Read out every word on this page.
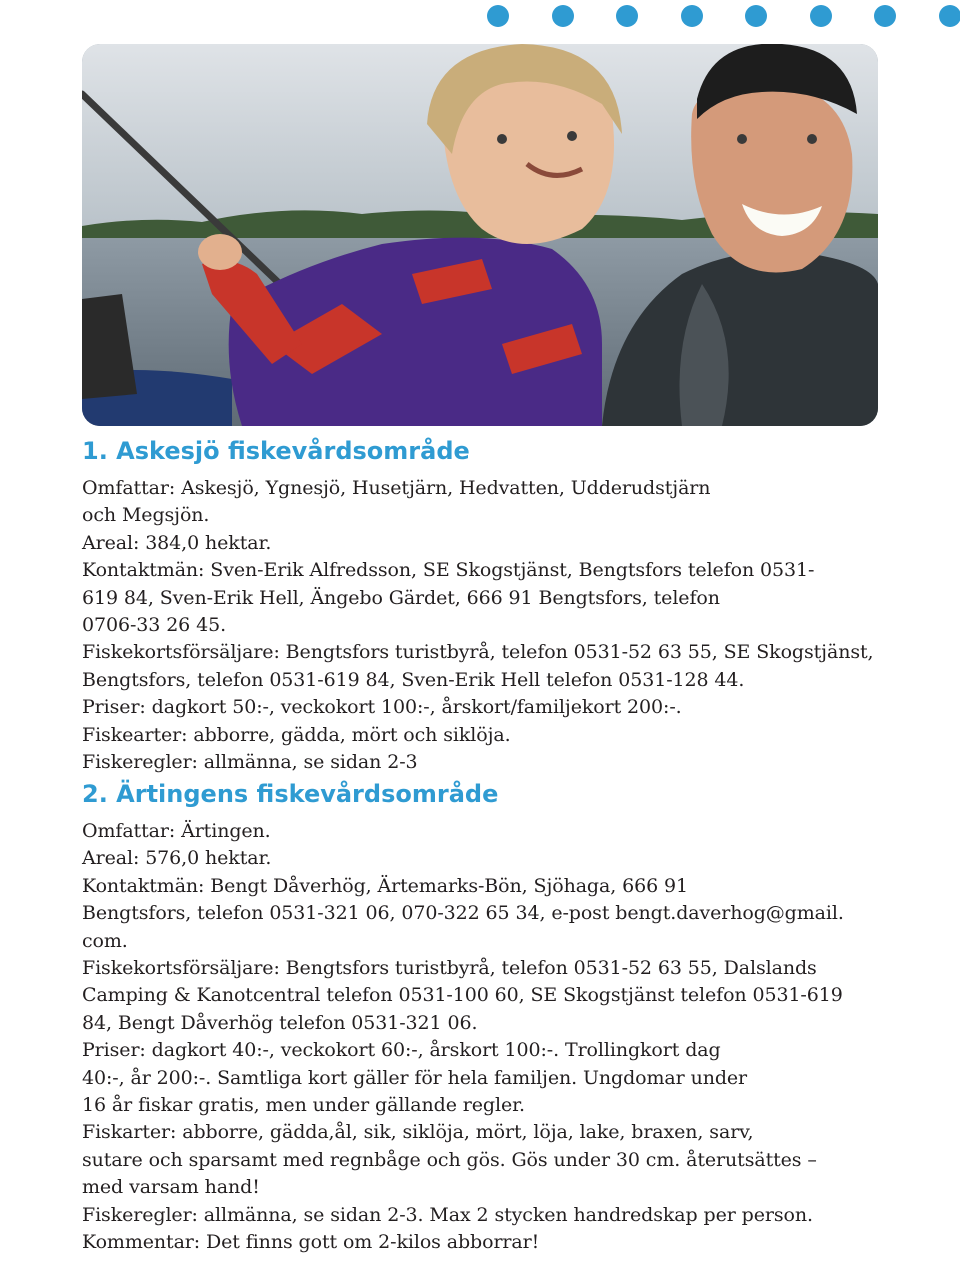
1. Askesjö fiskevårdsområde
Omfattar: Askesjö, Ygnesjö, Husetjärn, Hedvatten, Udderudstjärn
och Megsjön.
Areal: 384,0 hektar.
Kontaktmän: Sven-Erik Alfredsson, SE Skogstjänst, Bengtsfors telefon 0531-
619 84, Sven-Erik Hell, Ängebo Gärdet, 666 91 Bengtsfors, telefon
0706-33 26 45.
Fiskekortsförsäljare: Bengtsfors turistbyrå, telefon 0531-52 63 55, SE Skogstjänst,
Bengtsfors, telefon 0531-619 84, Sven-Erik Hell telefon 0531-128 44.
Priser: dagkort 50:-, veckokort 100:-, årskort/familjekort 200:-.
Fiskearter: abborre, gädda, mört och siklöja.
Fiskeregler: allmänna, se sidan 2-3
2. Ärtingens fiskevårdsområde
Omfattar: Ärtingen.
Areal: 576,0 hektar.
Kontaktmän: Bengt Dåverhög, Ärtemarks-Bön, Sjöhaga, 666 91
Bengtsfors, telefon 0531-321 06, 070-322 65 34, e-post bengt.daverhog@gmail.
com.
Fiskekortsförsäljare: Bengtsfors turistbyrå, telefon 0531-52 63 55, Dalslands
Camping & Kanotcentral telefon 0531-100 60, SE Skogstjänst telefon 0531-619
84, Bengt Dåverhög telefon 0531-321 06.
Priser: dagkort 40:-, veckokort 60:-, årskort 100:-. Trollingkort dag
40:-, år 200:-. Samtliga kort gäller för hela familjen. Ungdomar under
16 år fiskar gratis, men under gällande regler.
Fiskarter: abborre, gädda,ål, sik, siklöja, mört, löja, lake, braxen, sarv,
sutare och sparsamt med regnbåge och gös. Gös under 30 cm. återutsättes –
med varsam hand!
Fiskeregler: allmänna, se sidan 2-3. Max 2 stycken handredskap per person.
Kommentar: Det finns gott om 2-kilos abborrar!
